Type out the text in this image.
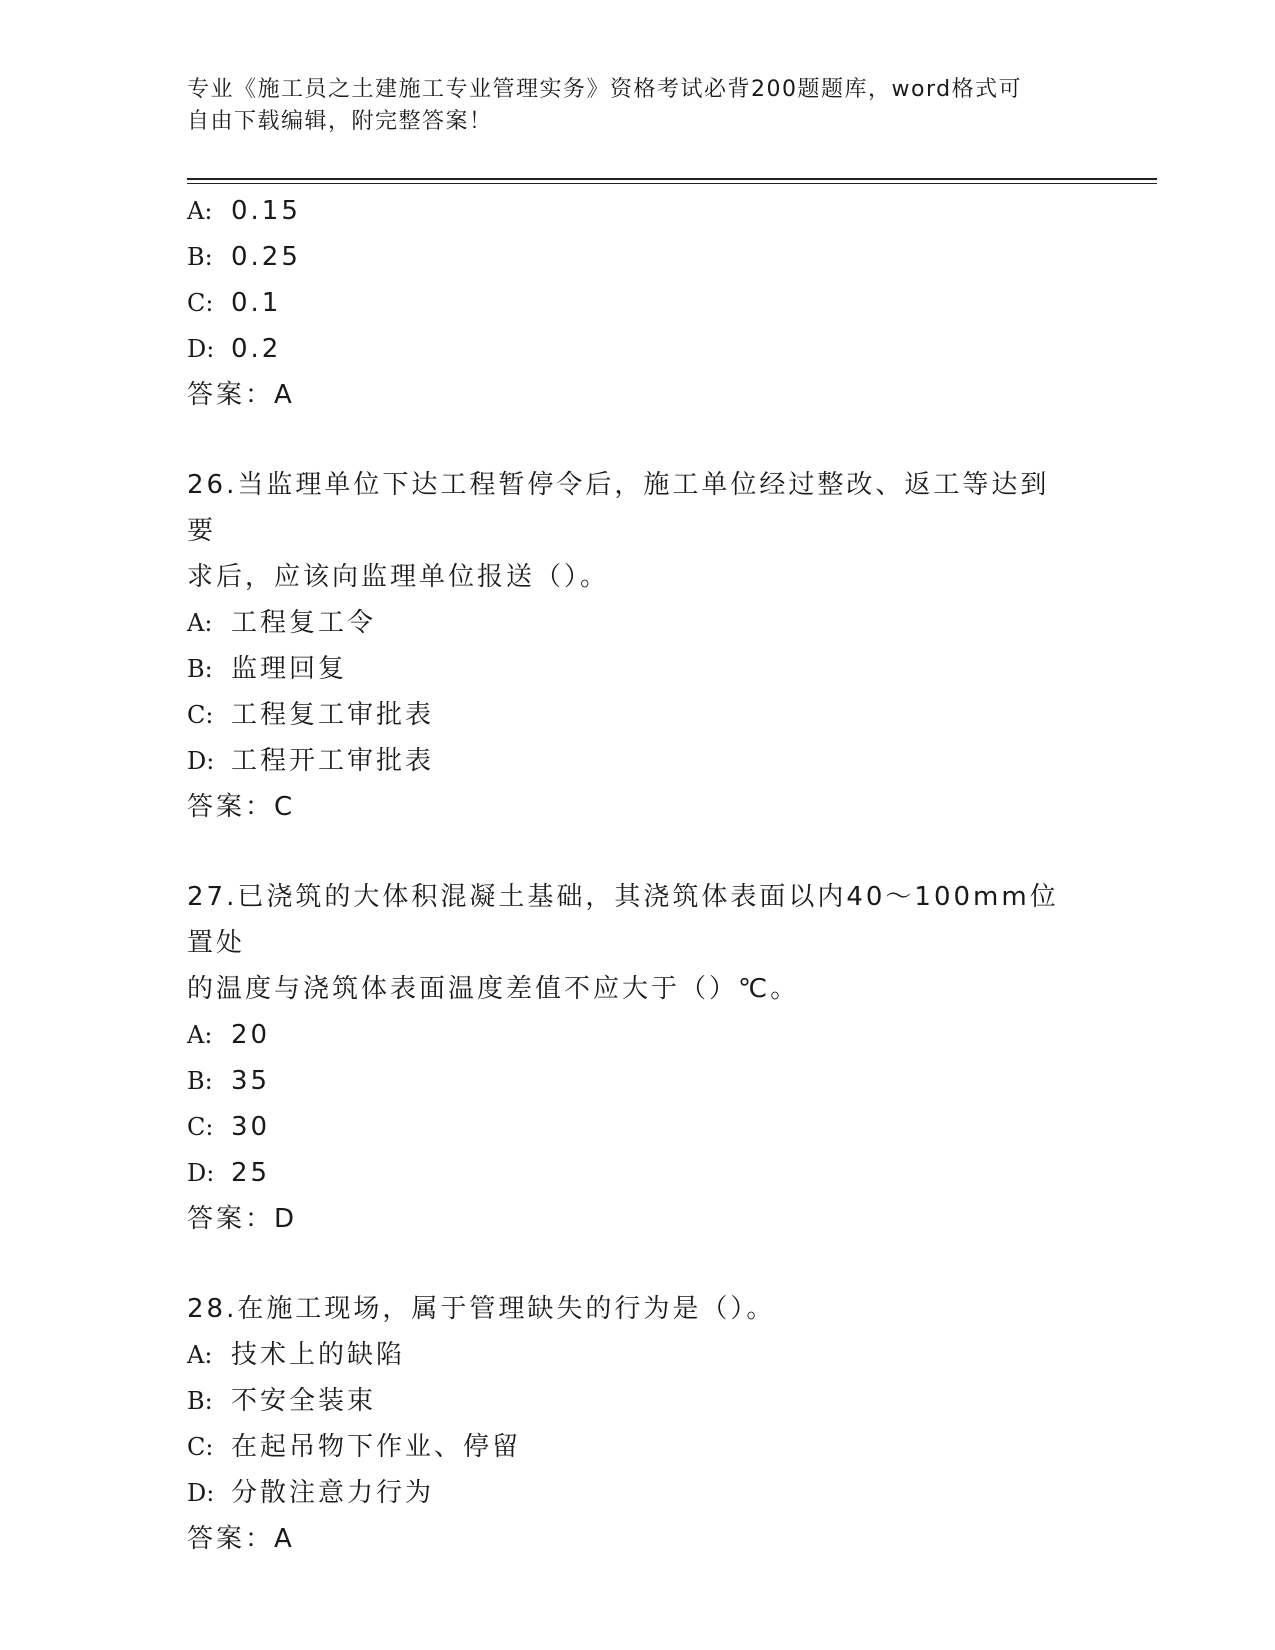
专业《施工员之土建施工专业管理实务》资格考试必背200题题库，word格式可
自由下载编辑，附完整答案！
A: 0.15
B: 0.25
C: 0.1
D: 0.2
答案：A
26.当监理单位下达工程暂停令后，施工单位经过整改、返工等达到要
求后，应该向监理单位报送（）。
A: 工程复工令
B: 监理回复
C: 工程复工审批表
D: 工程开工审批表
答案：C
27.已浇筑的大体积混凝土基础，其浇筑体表面以内40～100mm位置处
的温度与浇筑体表面温度差值不应大于（）℃。
A: 20
B: 35
C: 30
D: 25
答案：D
28.在施工现场，属于管理缺失的行为是（）。
A: 技术上的缺陷
B: 不安全装束
C: 在起吊物下作业、停留
D: 分散注意力行为
答案：A
